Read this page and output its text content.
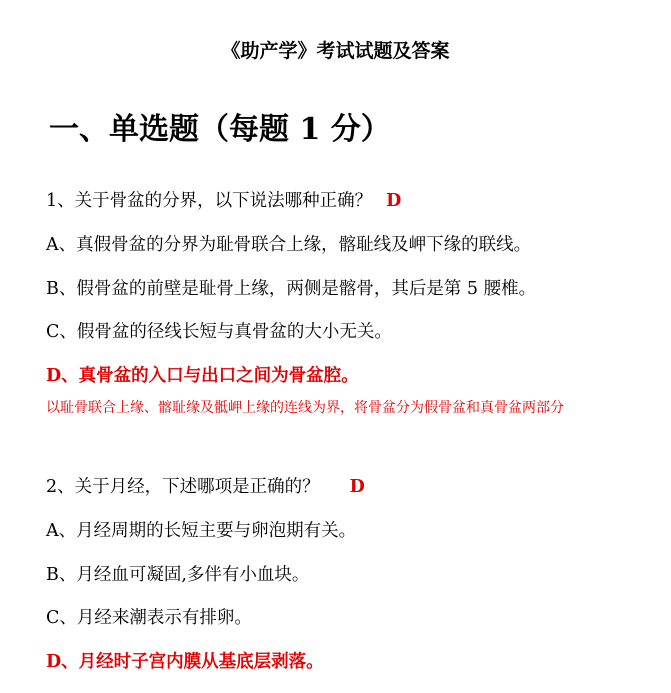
《助产学》考试试题及答案
一、单选题（每题 1 分）
1、关于骨盆的分界，以下说法哪种正确？ D
A、真假骨盆的分界为耻骨联合上缘，髂耻线及岬下缘的联线。
B、假骨盆的前壁是耻骨上缘，两侧是髂骨，其后是第 5 腰椎。
C、假骨盆的径线长短与真骨盆的大小无关。
D、真骨盆的入口与出口之间为骨盆腔。
以耻骨联合上缘、髂耻缘及骶岬上缘的连线为界，将骨盆分为假骨盆和真骨盆两部分
2、关于月经，下述哪项是正确的？ D
A、月经周期的长短主要与卵泡期有关。
B、月经血可凝固,多伴有小血块。
C、月经来潮表示有排卵。
D、月经时子宫内膜从基底层剥落。
